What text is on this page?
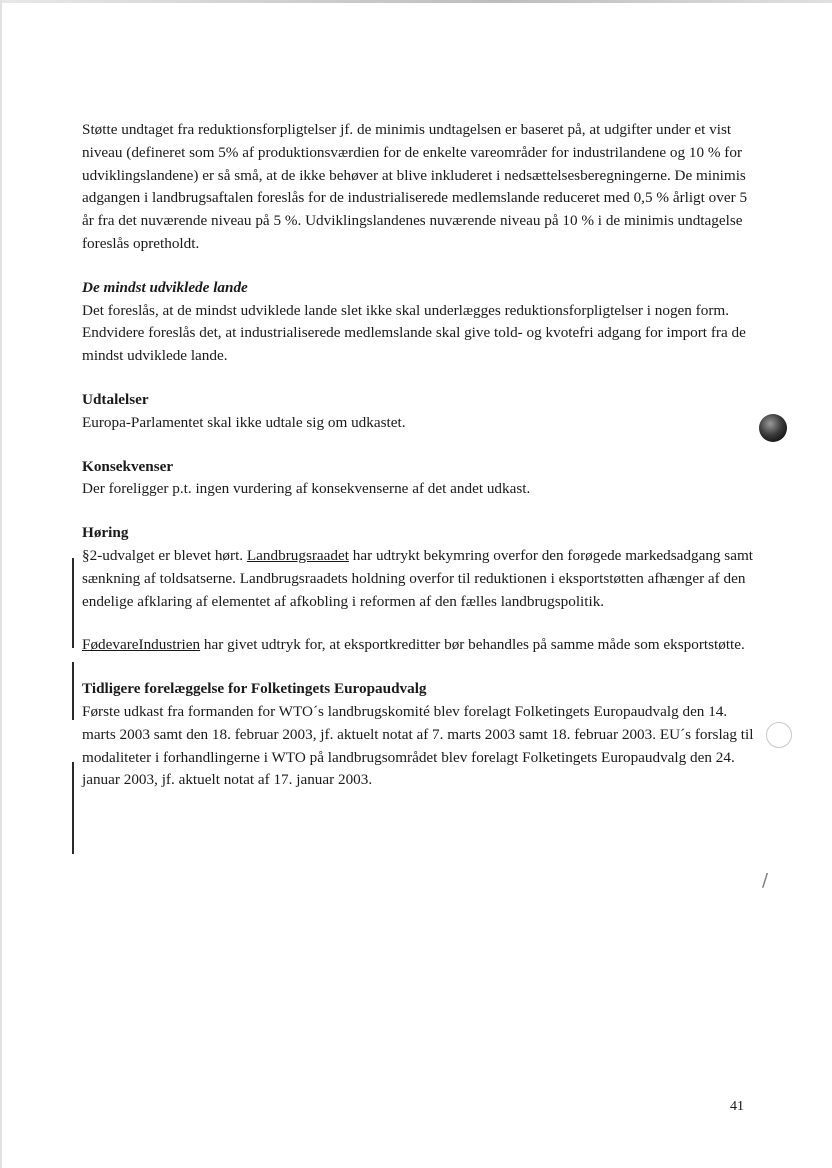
/

Støtte undtaget fra reduktionsforpligtelser jf. de minimis undtagelsen er baseret på, at udgifter under et vist niveau (defineret som 5% af produktionsværdien for de enkelte vareområder for industrilandene og 10 % for udviklingslandene) er så små, at de ikke behøver at blive inkluderet i nedsættelsesberegningerne. De minimis adgangen i landbrugsaftalen foreslås for de industrialiserede medlemslande reduceret med 0,5 % årligt over 5 år fra det nuværende niveau på 5 %. Udviklingslandenes nuværende niveau på 10 % i de minimis undtagelse foreslås opretholdt.

De mindst udviklede lande

Det foreslås, at de mindst udviklede lande slet ikke skal underlægges reduktionsforpligtelser i nogen form. Endvidere foreslås det, at industrialiserede medlemslande skal give told- og kvotefri adgang for import fra de mindst udviklede lande.

Udtalelser

Europa-Parlamentet skal ikke udtale sig om udkastet.

Konsekvenser

Der foreligger p.t. ingen vurdering af konsekvenserne af det andet udkast.

Høring

§2-udvalget er blevet hørt. Landbrugsraadet har udtrykt bekymring overfor den forøgede markedsadgang samt sænkning af toldsatserne. Landbrugsraadets holdning overfor til reduktionen i eksportstøtten afhænger af den endelige afklaring af elementet af afkobling i reformen af den fælles landbrugspolitik.

FødevareIndustrien har givet udtryk for, at eksportkreditter bør behandles på samme måde som eksportstøtte.

Tidligere forelæggelse for Folketingets Europaudvalg

Første udkast fra formanden for WTO´s landbrugskomité blev forelagt Folketingets Europaudvalg den 14. marts 2003 samt den 18. februar 2003, jf. aktuelt notat af 7. marts 2003 samt 18. februar 2003. EU´s forslag til modaliteter i forhandlingerne i WTO på landbrugsområdet blev forelagt Folketingets Europaudvalg den 24. januar 2003, jf. aktuelt notat af 17. januar 2003.

41
